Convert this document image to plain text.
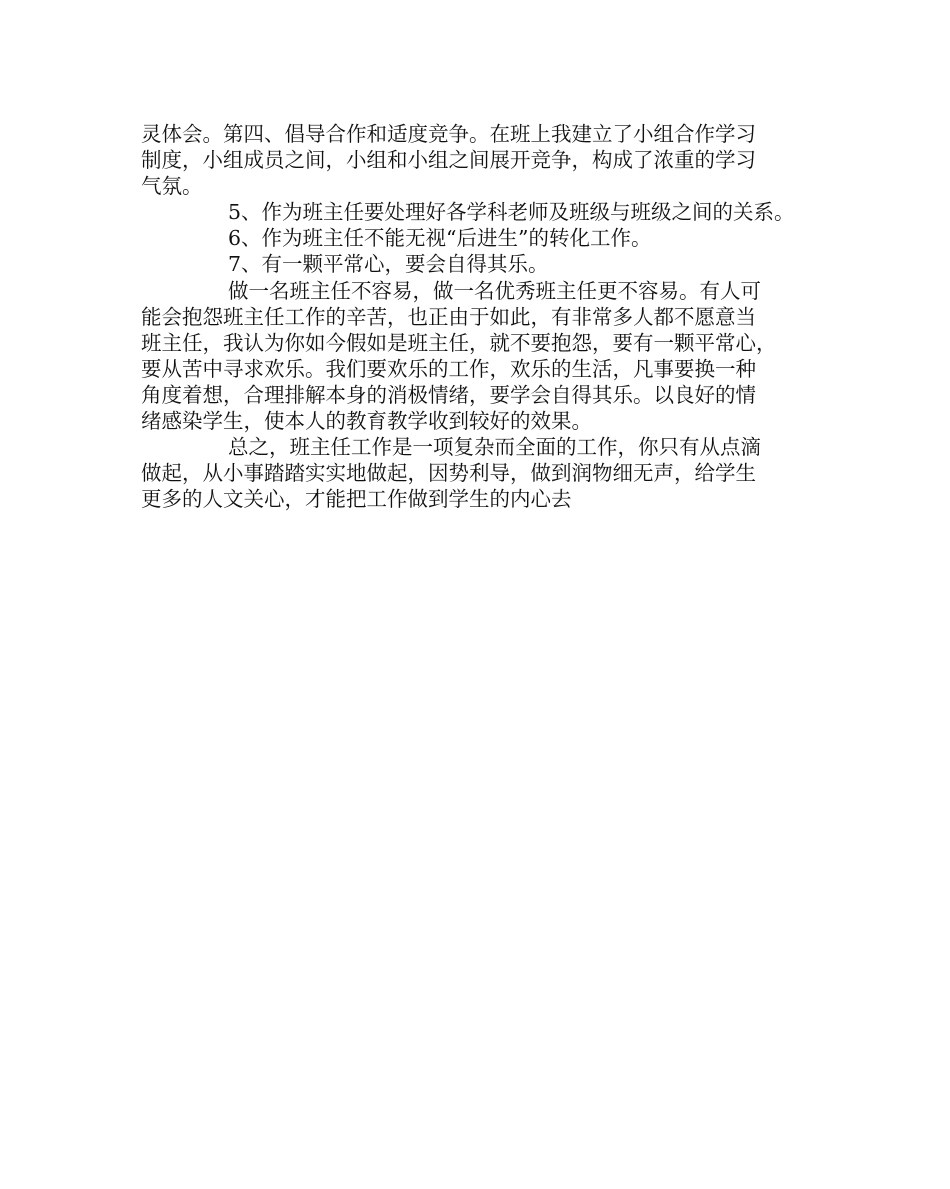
灵体会。第四、倡导合作和适度竞争。在班上我建立了小组合作学习
制度，小组成员之间，小组和小组之间展开竞争，构成了浓重的学习
气氛。
5、作为班主任要处理好各学科老师及班级与班级之间的关系。
6、作为班主任不能无视“后进生”的转化工作。
7、有一颗平常心，要会自得其乐。
做一名班主任不容易，做一名优秀班主任更不容易。有人可
能会抱怨班主任工作的辛苦，也正由于如此，有非常多人都不愿意当
班主任，我认为你如今假如是班主任，就不要抱怨，要有一颗平常心，
要从苦中寻求欢乐。我们要欢乐的工作，欢乐的生活，凡事要换一种
角度着想，合理排解本身的消极情绪，要学会自得其乐。以良好的情
绪感染学生，使本人的教育教学收到较好的效果。
总之，班主任工作是一项复杂而全面的工作，你只有从点滴
做起，从小事踏踏实实地做起，因势利导，做到润物细无声，给学生
更多的人文关心，才能把工作做到学生的内心去
